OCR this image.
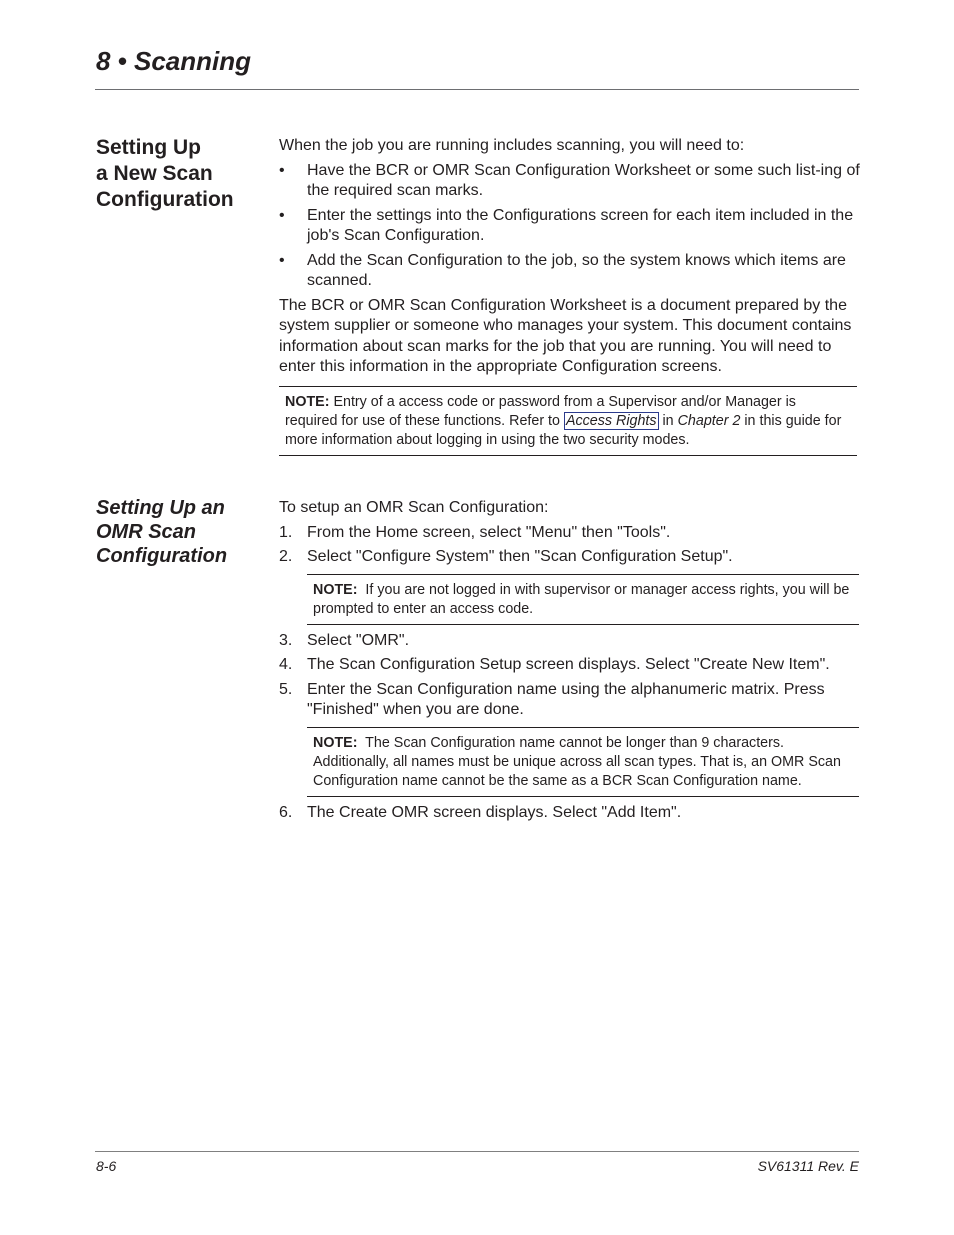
8 • Scanning
Setting Up
a New Scan
Configuration

When the job you are running includes scanning, you will need to:

• Have the BCR or OMR Scan Configuration Worksheet or some such list-ing of the required scan marks.
• Enter the settings into the Configurations screen for each item included in the job's Scan Configuration.
• Add the Scan Configuration to the job, so the system knows which items are scanned.

The BCR or OMR Scan Configuration Worksheet is a document prepared by the system supplier or someone who manages your system. This document contains information about scan marks for the job that you are running. You will need to enter this information in the appropriate Configuration screens.

NOTE: Entry of a access code or password from a Supervisor and/or Manager is required for use of these functions. Refer to Access Rights in Chapter 2 in this guide for more information about logging in using the two security modes.
Setting Up an
OMR Scan
Configuration

To setup an OMR Scan Configuration:

1. From the Home screen, select "Menu" then "Tools".
2. Select "Configure System" then "Scan Configuration Setup".
NOTE:  If you are not logged in with supervisor or manager access rights, you will be prompted to enter an access code.
3. Select "OMR".
4. The Scan Configuration Setup screen displays. Select "Create New Item".
5. Enter the Scan Configuration name using the alphanumeric matrix. Press "Finished" when you are done.
NOTE:  The Scan Configuration name cannot be longer than 9 characters. Additionally, all names must be unique across all scan types. That is, an OMR Scan Configuration name cannot be the same as a BCR Scan Configuration name.
6. The Create OMR screen displays. Select "Add Item".

8-6	SV61311 Rev. E
